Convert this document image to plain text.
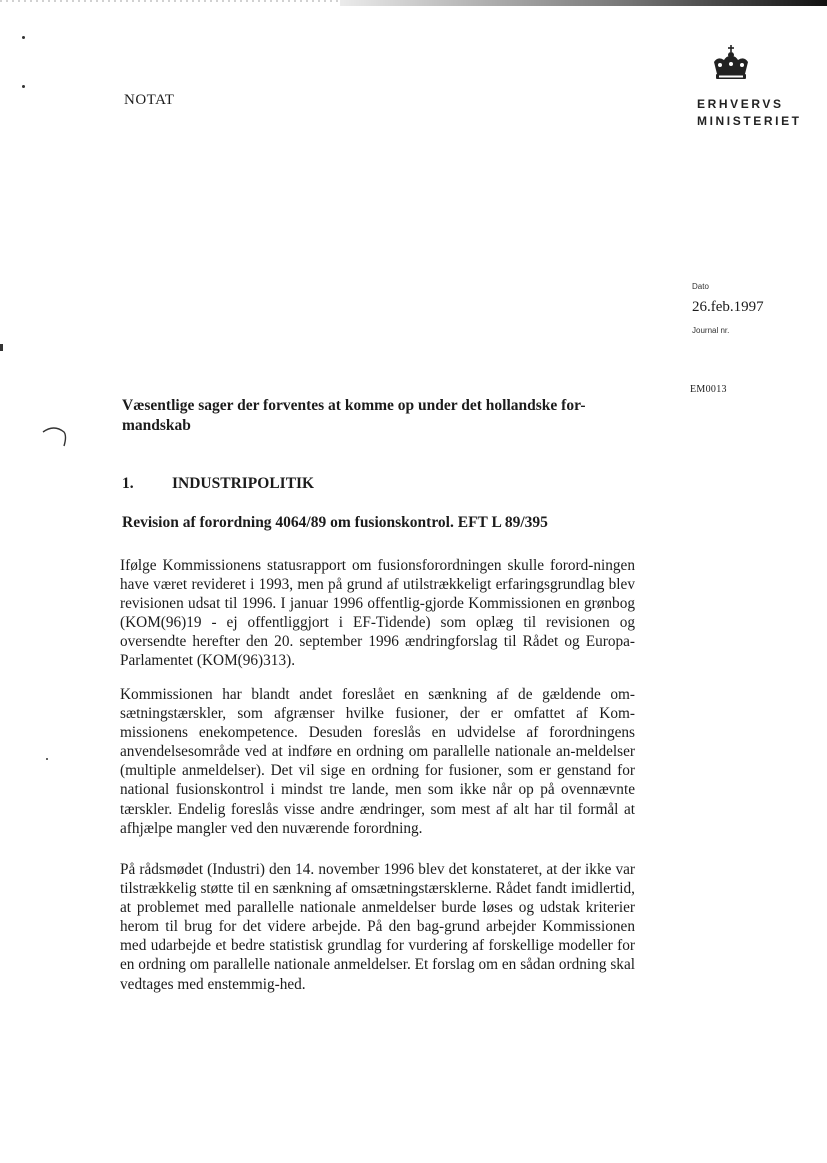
NOTAT	ERHVERVS
MINISTERIET
Dato
26.feb.1997
Journal nr.
EM0013
Væsentlige sager der forventes at komme op under det hollandske for-mandskab
1. INDUSTRIPOLITIK
Revision af forordning 4064/89 om fusionskontrol. EFT L 89/395

Ifølge Kommissionens statusrapport om fusionsforordningen skulle forord-ningen have været revideret i 1993, men på grund af utilstrækkeligt erfaringsgrundlag blev revisionen udsat til 1996. I januar 1996 offentlig-gjorde Kommissionen en grønbog (KOM(96)19 - ej offentliggjort i EF-Tidende) som oplæg til revisionen og oversendte herefter den 20. september 1996 ændringforslag til Rådet og Europa-Parlamentet (KOM(96)313).

Kommissionen har blandt andet foreslået en sænkning af de gældende om-sætningstærskler, som afgrænser hvilke fusioner, der er omfattet af Kom-missionens enekompetence. Desuden foreslås en udvidelse af forordningens anvendelsesområde ved at indføre en ordning om parallelle nationale an-meldelser (multiple anmeldelser). Det vil sige en ordning for fusioner, som er genstand for national fusionskontrol i mindst tre lande, men som ikke når op på ovennævnte tærskler. Endelig foreslås visse andre ændringer, som mest af alt har til formål at afhjælpe mangler ved den nuværende forordning.

På rådsmødet (Industri) den 14. november 1996 blev det konstateret, at der ikke var tilstrækkelig støtte til en sænkning af omsætningstærsklerne. Rådet fandt imidlertid, at problemet med parallelle nationale anmeldelser burde løses og udstak kriterier herom til brug for det videre arbejde. På den bag-grund arbejder Kommissionen med udarbejde et bedre statistisk grundlag for vurdering af forskellige modeller for en ordning om parallelle nationale anmeldelser. Et forslag om en sådan ordning skal vedtages med enstemmig-hed.
